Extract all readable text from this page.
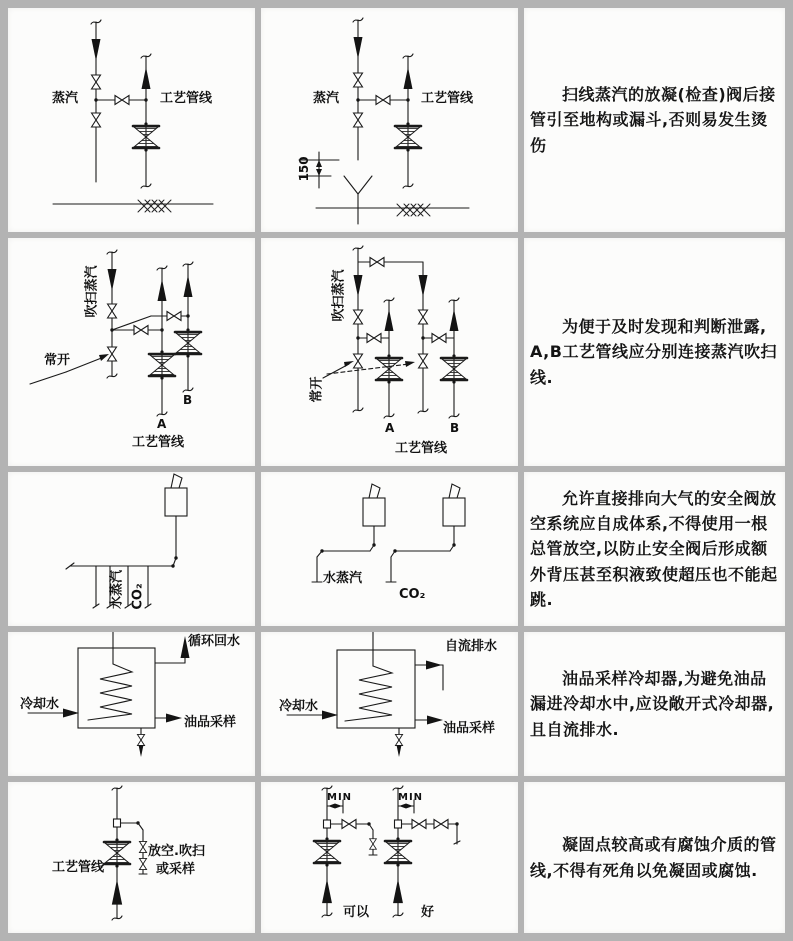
蒸汽	工艺管线	蒸汽	工艺管线
150

扫线蒸汽的放凝(检查)阀后接管引至地构或漏斗,否则易发生烫伤

吹扫蒸汽
常开
A
B
工艺管线
吹扫蒸汽
常开
A	B
工艺管线

为便于及时发现和判断泄露,A,B工艺管线应分别连接蒸汽吹扫线.

水蒸汽 CO₂
水蒸汽
CO₂

允许直接排向大气的安全阀放空系统应自成体系,不得使用一根总管放空,以防止安全阀后形成额外背压甚至积液致使超压也不能起跳.

冷却水
循环回水
油品采样
冷却水
自流排水
油品采样

油品采样冷却器,为避免油品漏进冷却水中,应设敞开式冷却器,且自流排水.

工艺管线
放空.吹扫
或采样
MIN	MIN
可以	好

凝固点较高或有腐蚀介质的管线,不得有死角以免凝固或腐蚀.
